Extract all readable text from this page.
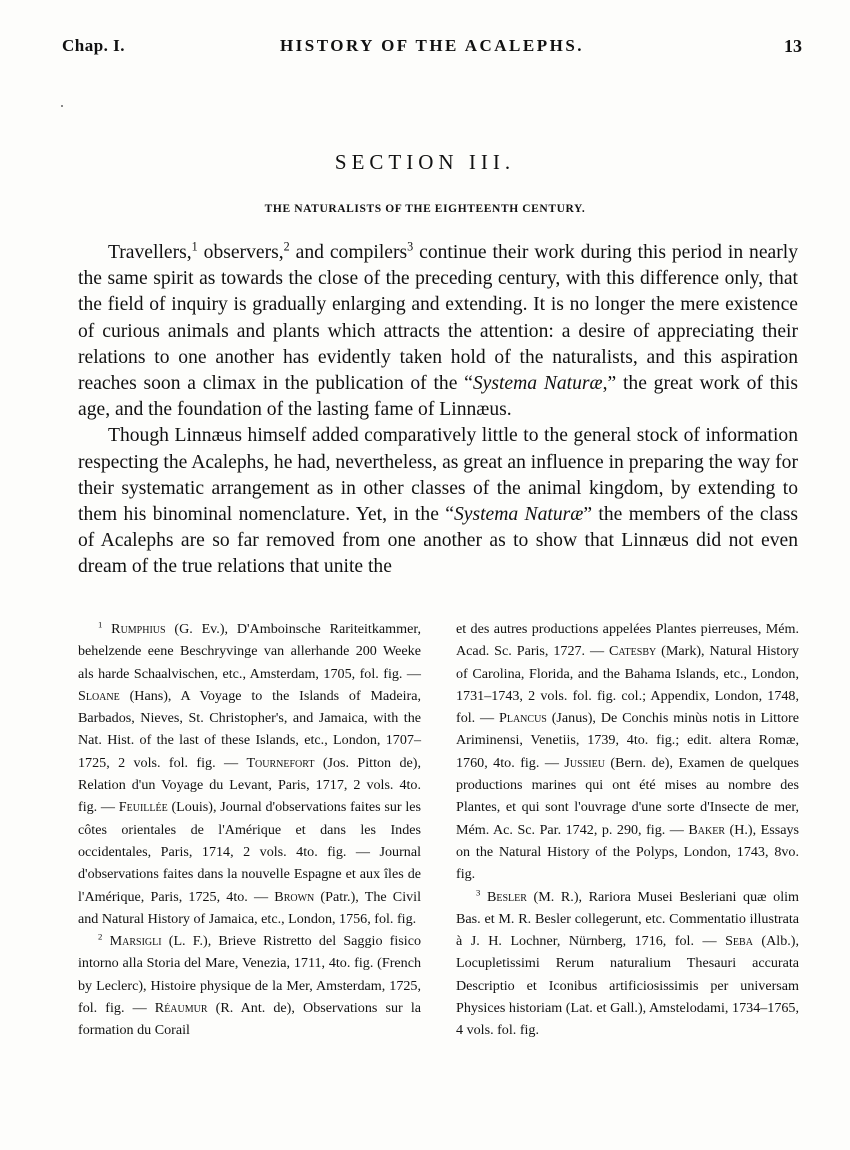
Chap. I.	HISTORY OF THE ACALEPHS.	13
SECTION III.
THE NATURALISTS OF THE EIGHTEENTH CENTURY.

Travellers,$^1$ observers,$^2$ and compilers$^3$ continue their work during this period in nearly the same spirit as towards the close of the preceding century, with this difference only, that the field of inquiry is gradually enlarging and extending. It is no longer the mere existence of curious animals and plants which attracts the attention: a desire of appreciating their relations to one another has evidently taken hold of the naturalists, and this aspiration reaches soon a climax in the publication of the “Systema Naturæ,” the great work of this age, and the foundation of the lasting fame of Linnæus.

Though Linnæus himself added comparatively little to the general stock of information respecting the Acalephs, he had, nevertheless, as great an influence in preparing the way for their systematic arrangement as in other classes of the animal kingdom, by extending to them his binominal nomenclature. Yet, in the “Systema Naturæ” the members of the class of Acalephs are so far removed from one another as to show that Linnæus did not even dream of the true relations that unite the

$^1$ Rumphius (G. Ev.), D'Amboinsche Rariteitkammer, behelzende eene Beschryvinge van allerhande 200 Weeke als harde Schaalvischen, etc., Amsterdam, 1705, fol. fig. — Sloane (Hans), A Voyage to the Islands of Madeira, Barbados, Nieves, St. Christopher's, and Jamaica, with the Nat. Hist. of the last of these Islands, etc., London, 1707–1725, 2 vols. fol. fig. — Tournefort (Jos. Pitton de), Relation d'un Voyage du Levant, Paris, 1717, 2 vols. 4to. fig. — Feuillée (Louis), Journal d'observations faites sur les côtes orientales de l'Amérique et dans les Indes occidentales, Paris, 1714, 2 vols. 4to. fig. — Journal d'observations faites dans la nouvelle Espagne et aux îles de l'Amérique, Paris, 1725, 4to. — Brown (Patr.), The Civil and Natural History of Jamaica, etc., London, 1756, fol. fig.

$^2$ Marsigli (L. F.), Brieve Ristretto del Saggio fisico intorno alla Storia del Mare, Venezia, 1711, 4to. fig. (French by Leclerc), Histoire physique de la Mer, Amsterdam, 1725, fol. fig. — Réaumur (R. Ant. de), Observations sur la formation du Corail

et des autres productions appelées Plantes pierreuses, Mém. Acad. Sc. Paris, 1727. — Catesby (Mark), Natural History of Carolina, Florida, and the Bahama Islands, etc., London, 1731–1743, 2 vols. fol. fig. col.; Appendix, London, 1748, fol. — Plancus (Janus), De Conchis minùs notis in Littore Ariminensi, Venetiis, 1739, 4to. fig.; edit. altera Romæ, 1760, 4to. fig. — Jussieu (Bern. de), Examen de quelques productions marines qui ont été mises au nombre des Plantes, et qui sont l'ouvrage d'une sorte d'Insecte de mer, Mém. Ac. Sc. Par. 1742, p. 290, fig. — Baker (H.), Essays on the Natural History of the Polyps, London, 1743, 8vo. fig.

$^3$ Besler (M. R.), Rariora Musei Besleriani quæ olim Bas. et M. R. Besler collegerunt, etc. Commentatio illustrata à J. H. Lochner, Nürnberg, 1716, fol. — Seba (Alb.), Locupletissimi Rerum naturalium Thesauri accurata Descriptio et Iconibus artificiosissimis per universam Physices historiam (Lat. et Gall.), Amstelodami, 1734–1765, 4 vols. fol. fig.
